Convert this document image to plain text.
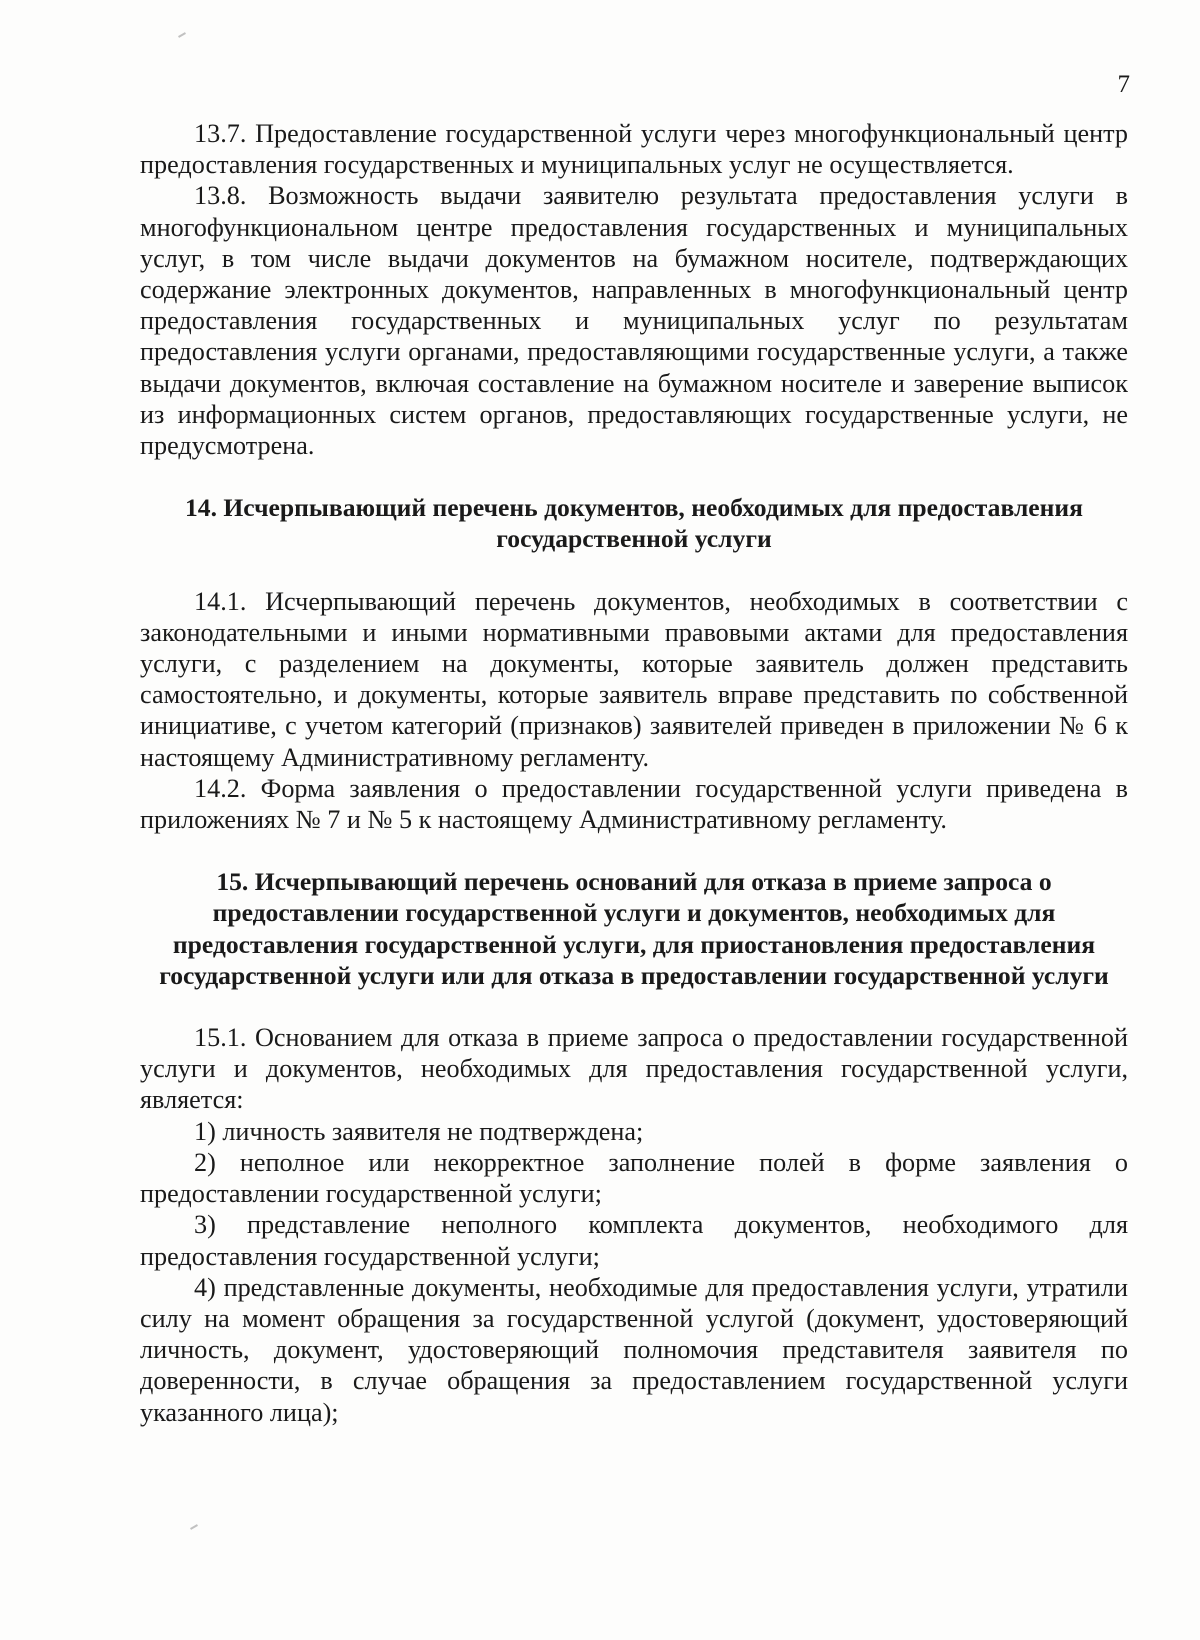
7

13.7. Предоставление государственной услуги через многофункциональный центр предоставления государственных и муниципальных услуг не осуществляется.

13.8. Возможность выдачи заявителю результата предоставления услуги в многофункциональном центре предоставления государственных и муниципальных услуг, в том числе выдачи документов на бумажном носителе, подтверждающих содержание электронных документов, направленных в многофункциональный центр предоставления государственных и муниципальных услуг по результатам предоставления услуги органами, предоставляющими государственные услуги, а также выдачи документов, включая составление на бумажном носителе и заверение выписок из информационных систем органов, предоставляющих государственные услуги, не предусмотрена.

14. Исчерпывающий перечень документов, необходимых для предоставления государственной услуги

14.1. Исчерпывающий перечень документов, необходимых в соответствии с законодательными и иными нормативными правовыми актами для предоставления услуги, с разделением на документы, которые заявитель должен представить самостоятельно, и документы, которые заявитель вправе представить по собственной инициативе, с учетом категорий (признаков) заявителей приведен в приложении № 6 к настоящему Административному регламенту.

14.2. Форма заявления о предоставлении государственной услуги приведена в приложениях № 7 и № 5 к настоящему Административному регламенту.

15. Исчерпывающий перечень оснований для отказа в приеме запроса о предоставлении государственной услуги и документов, необходимых для предоставления государственной услуги, для приостановления предоставления государственной услуги или для отказа в предоставлении государственной услуги

15.1. Основанием для отказа в приеме запроса о предоставлении государственной услуги и документов, необходимых для предоставления государственной услуги, является:

1) личность заявителя не подтверждена;

2) неполное или некорректное заполнение полей в форме заявления о предоставлении государственной услуги;

3) представление неполного комплекта документов, необходимого для предоставления государственной услуги;

4) представленные документы, необходимые для предоставления услуги, утратили силу на момент обращения за государственной услугой (документ, удостоверяющий личность, документ, удостоверяющий полномочия представителя заявителя по доверенности, в случае обращения за предоставлением государственной услуги указанного лица);
